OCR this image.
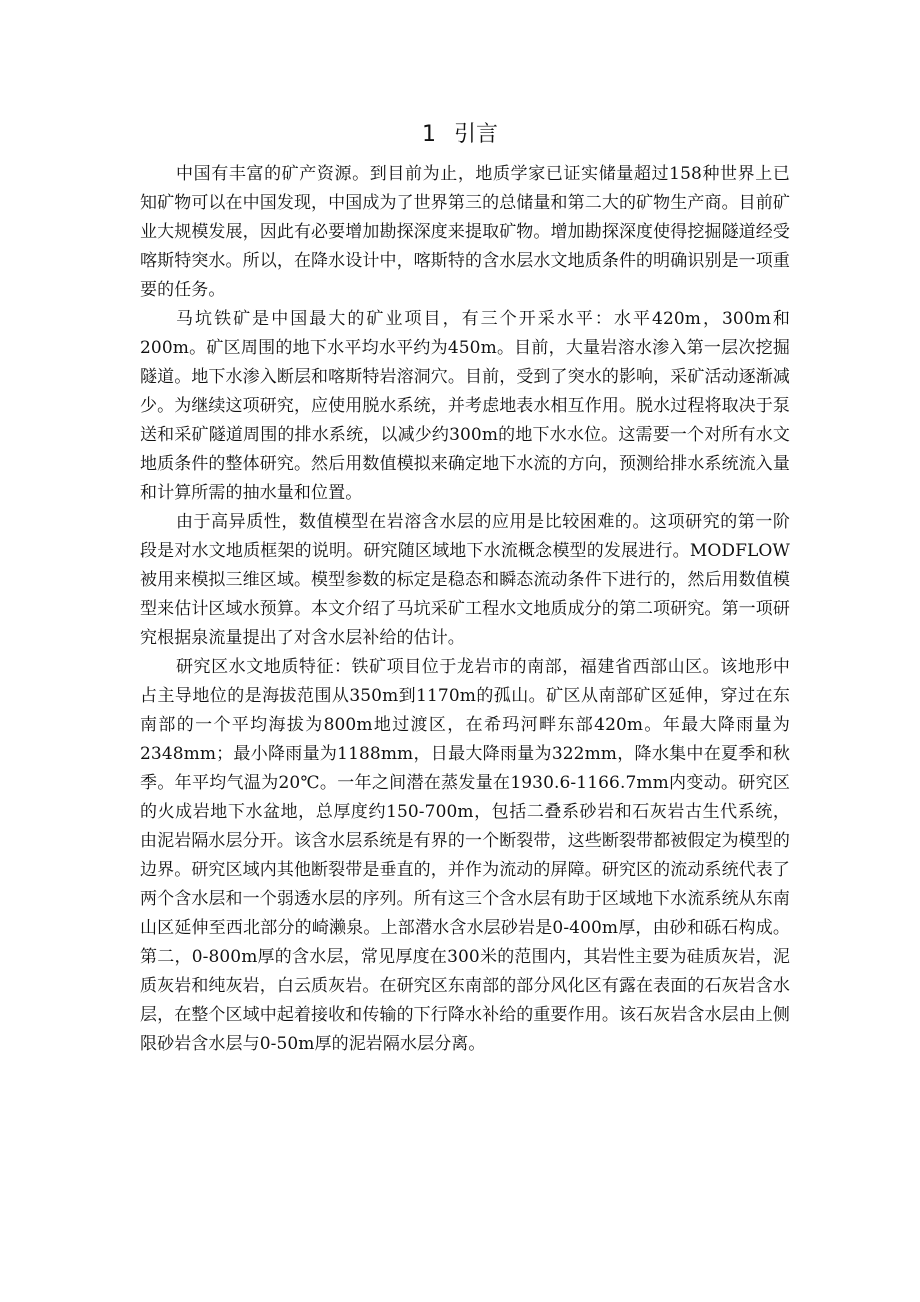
1 引言

中国有丰富的矿产资源。到目前为止，地质学家已证实储量超过158种世界上已知矿物可以在中国发现，中国成为了世界第三的总储量和第二大的矿物生产商。目前矿业大规模发展，因此有必要增加勘探深度来提取矿物。增加勘探深度使得挖掘隧道经受喀斯特突水。所以，在降水设计中，喀斯特的含水层水文地质条件的明确识别是一项重要的任务。

马坑铁矿是中国最大的矿业项目，有三个开采水平：水平420m，300m和200m。矿区周围的地下水平均水平约为450m。目前，大量岩溶水渗入第一层次挖掘隧道。地下水渗入断层和喀斯特岩溶洞穴。目前，受到了突水的影响，采矿活动逐渐减少。为继续这项研究，应使用脱水系统，并考虑地表水相互作用。脱水过程将取决于泵送和采矿隧道周围的排水系统，以减少约300m的地下水水位。这需要一个对所有水文地质条件的整体研究。然后用数值模拟来确定地下水流的方向，预测给排水系统流入量和计算所需的抽水量和位置。

由于高异质性，数值模型在岩溶含水层的应用是比较困难的。这项研究的第一阶段是对水文地质框架的说明。研究随区域地下水流概念模型的发展进行。MODFLOW被用来模拟三维区域。模型参数的标定是稳态和瞬态流动条件下进行的，然后用数值模型来估计区域水预算。本文介绍了马坑采矿工程水文地质成分的第二项研究。第一项研究根据泉流量提出了对含水层补给的估计。

研究区水文地质特征：铁矿项目位于龙岩市的南部，福建省西部山区。该地形中占主导地位的是海拔范围从350m到1170m的孤山。矿区从南部矿区延伸，穿过在东南部的一个平均海拔为800m地过渡区，在希玛河畔东部420m。年最大降雨量为2348mm；最小降雨量为1188mm，日最大降雨量为322mm，降水集中在夏季和秋季。年平均气温为20℃。一年之间潜在蒸发量在1930.6-1166.7mm内变动。研究区的火成岩地下水盆地，总厚度约150-700m，包括二叠系砂岩和石灰岩古生代系统，由泥岩隔水层分开。该含水层系统是有界的一个断裂带，这些断裂带都被假定为模型的边界。研究区域内其他断裂带是垂直的，并作为流动的屏障。研究区的流动系统代表了两个含水层和一个弱透水层的序列。所有这三个含水层有助于区域地下水流系统从东南山区延伸至西北部分的崎濑泉。上部潜水含水层砂岩是0-400m厚，由砂和砾石构成。第二，0-800m厚的含水层，常见厚度在300米的范围内，其岩性主要为硅质灰岩，泥质灰岩和纯灰岩，白云质灰岩。在研究区东南部的部分风化区有露在表面的石灰岩含水层，在整个区域中起着接收和传输的下行降水补给的重要作用。该石灰岩含水层由上侧限砂岩含水层与0-50m厚的泥岩隔水层分离。
